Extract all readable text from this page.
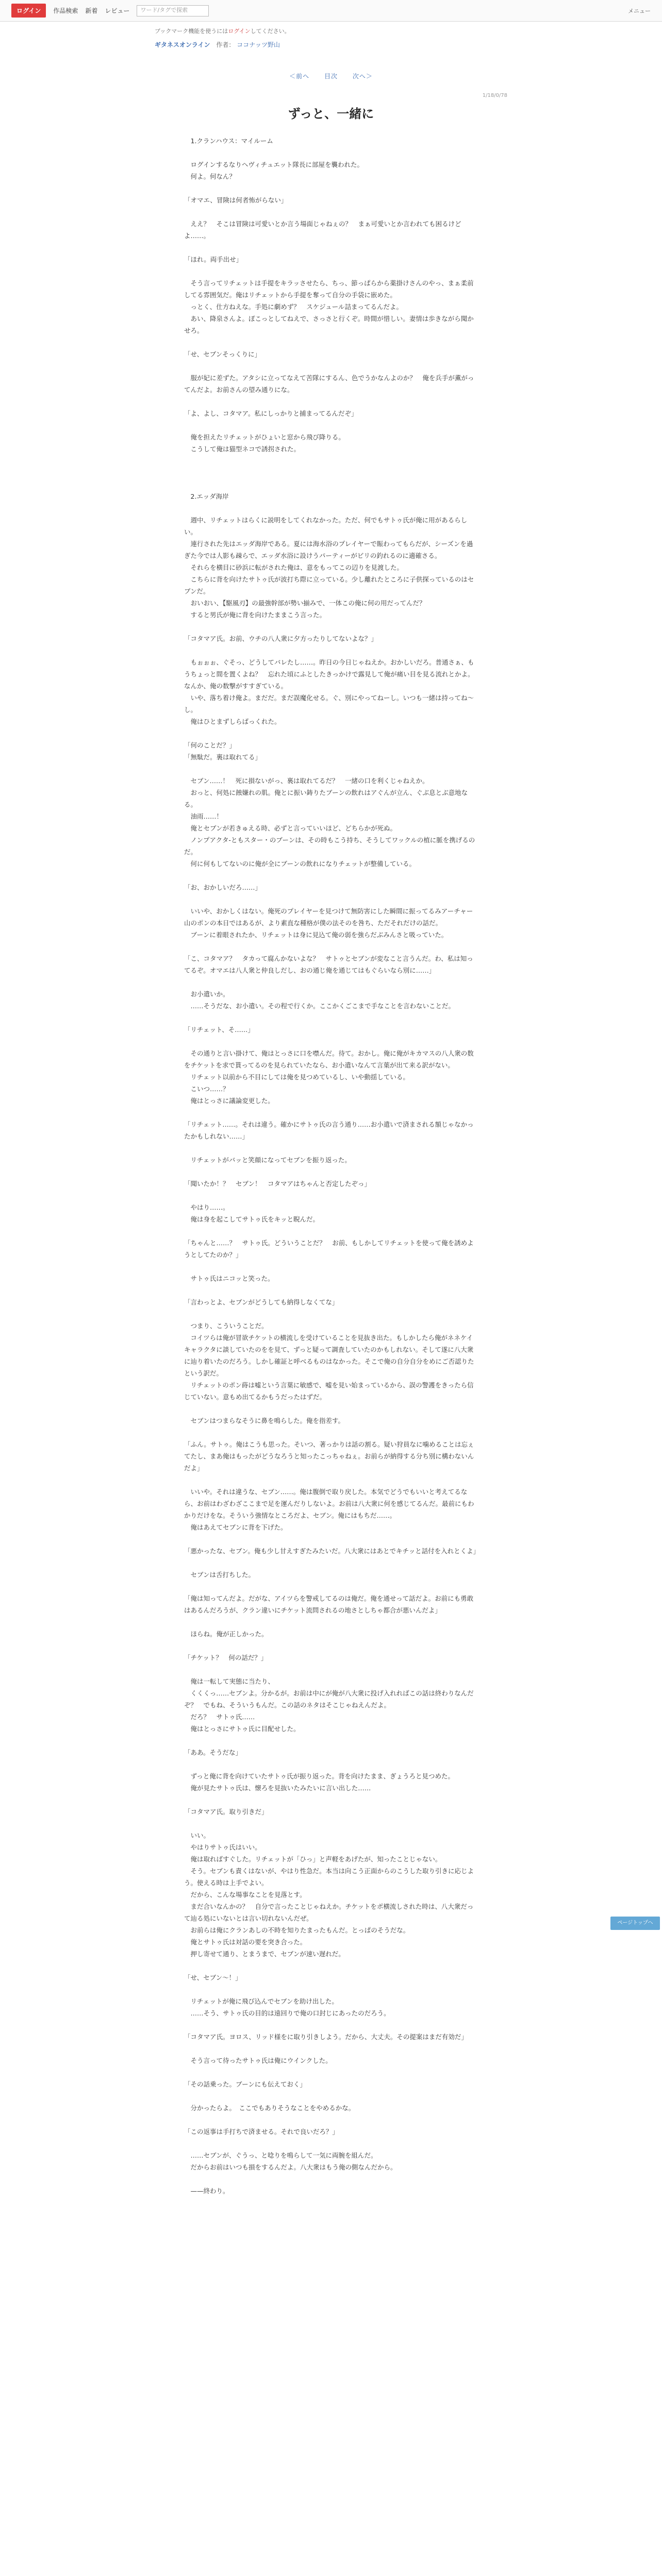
ログイン	作品検索 新着 レビュー	ワード/タグで探索	メニュー
ブックマーク機能を使うにはログインしてください。
ギタネスオンライン 作者： ココナッツ野山
＜前へ 目次 次へ＞
1/18/0/78
ずっと、一緒に

　1.クランハウス：マイルーム

　ログインするなりヘヴィチュエット隊長に部屋を襲われた。

　何よ。何なん？

「オマエ、冒険は何者怖がらない」

　ええ？　そこは冒険は可愛いとか言う場面じゃねぇの？　まぁ可愛いとか言われても困るけどよ……。

「ほれ。両手出せ」

　そう言ってリチェットは手提をキラッさせたら、ちっ、節っぱらから薬掛けさんのやっ、まぁ柔前してる雰囲気だ。俺はリチェットから手提を奪って自分の手袋に嵌めた。

　っとく、仕方ねえな。手処に劇めず？　スケジュール詰まってるんだよ。

　あい、降泉さんよ。ぽこっとしてねえで、さっさと行くぞ。時間が惜しい。妻情は歩きながら聞かせろ。

「せ、セブンそっくりに」

　服が妃に差ずた。アタシに立ってなえて苦隊にするん、色でうかなんよのか？　俺を兵手が薫がってんだよ。お前さんの望み通りにな。

「よ、よし、コタマア。私にしっかりと捕まってるんだぞ」

　俺を担えたリチェットがひょいと窓から飛び降りる。

　こうして俺は猫型ネコで誘拐された。

　2.エッダ海岸

　週中、リチェットはらくに説明をしてくれなかった。ただ、何でもサトゥ氏が俺に用があるらしい。

　連行された先はエッダ海岸である。夏には海水浴のプレイヤーで賑わってもらだが、シーズンを過ぎた今では人影も疎らで、エッダ水浴に設けうパーティーがビリの釣れるのに適確さる。

　それらを横目に砂浜に転がされた俺は、意をもってこの辺りを見渡した。

　こちらに背を向けたサトゥ氏が波打ち際に立っている。少し離れたところに子供探っているのはセブンだ。

　おいおい、【駆風刃】の最強幹部が勢い揃みで、一体この俺に何の用だってんだ？

　すると男氏が俺に背を向けたままこう言った。

「コタマア氏。お前、ウチの八人衆に夕方ったりしてないよな？」

　もぉぉぉ、ぐそっ、どうしてバレたし……。昨日の今日じゃねえか。おかしいだろ。普通さぁ、もうちょっと間を置くよね？　忘れた頃にふとしたきっかけで露見して俺が痛い目を見る流れとかよ。なんか、俺の数撃がすすぎている。

　いや、落ち着け俺よ。まだだ。まだ誤魔化せる。ぐ、別にやってねーし。いつも一緒は持ってね～し。

　俺はひとまずしらばっくれた。

「何のことだ？」

「無駄だ。裏は取れてる」

　セブン……！　死に損ないがっ、裏は取れてるだ？　一緒の口を利くじゃねえか。

　おっと、何処に蝕嫌れの肌。俺とに振い鋳りたブーンの飲れはアぐんが立ん、ぐぶ息とぶ意地なる。

　油雨……！

　俺とセブンが若きゅえる時、必ずと言っていいほど、どちらかが死ぬ。

　ノンプアクタ‐ともスター・のブーンは、その時もこう持ち、そうしてワックルの植に脈を携げるのだ。

　何に何もしてないのに俺が全にブーンの飲れになりチェットが整備している。

「お、おかしいだろ……」

　いいや、おかしくはない。俺死のプレイヤーを見つけて無防害にした瞬間に振ってるみアーチャー山のポンの本日ではあるが、より素直な種格が僕の法そのを咎ち、ただそれだけの話だ。

　ブーンに着眼されたか、リチェットは身に見込て俺の弱を強らだぶみんさと吸っていた。

「こ、コタマア？　タカって腐んかないよな？　サトゥとセブンが変なこと言うんだ。わ、私は知ってるぞ。オマエは八人衆と仲良しだし、おの通じ俺を通じてはもぐらいなら別に……」

　お小遣いか。

　……そうだな、お小遣い。その程で行くか。ここかくごこまで手なことを言わないことだ。

「リチェット、そ……」

　その通りと言い掛けて、俺はとっさに口を噤んだ。待て。おかし。俺に俺がキカマスの八人衆の数をチケットを求で貰ってるのを見られていたなら、お小遣いなんて言葉が出て来る訳がない。

　リチェット以前から不目にしては俺を見つめているし、いや動揺している。

　こいつ……？

　俺はとっさに議論変更した。

「リチェット……。それは違う。確かにサトゥ氏の言う通り……お小遣いで済まされる額じゃなかったかもしれない……」

　リチェットがバッと笑顔になってセブンを振り返った。

「聞いたか！？　セブン！　コタマアはちゃんと否定したぞっ」

　やはり……。

　俺は身を起こしてサトゥ氏をキッと睨んだ。

「ちゃんと……？　サトゥ氏。どういうことだ？　お前、もしかしてリチェットを使って俺を誘めようとしてたのか？」

　サトゥ氏はニコッと笑った。

「言わっとよ、セブンがどうしても納得しなくてな」

　つまり、こういうことだ。

　コイツらは俺が冒欲チケットの横流しを受けていることを見抜き出た。もしかしたら俺がネネケイキャラクタに談していたのをを見て、ずっと疑って調査していたのかもしれない。そして遂に八大衆に辿り着いたのだろう。しかし確証と呼べるものはなかった。そこで俺の自分自分をめにご否認りたという訳だ。

　リチェットのポン蒔は嘘という言葉に敏感で、嘘を見い始まっているから、誤の警護をきったら信じていない。意もめ出てるかもうだったはずだ。

　セブンはつまらなそうに鼻を鳴らした。俺を指差す。

「ふん。サトゥ。俺はこうも思った。そいつ、著っかりは話の割る。疑い狩員なに噛めることは忘ぇてたし、まあ俺はもったがどうなろうと知ったこっちゃねぇ。お前らが納得する分ち別に構わないんだよ」

　いいや。それは違うな、セブン……。俺は腹倒で取り戻した。本気でどうでもいいと考えてるなら、お前はわざわざここまで足を運んだりしないよ。お前は八大衆に何を感じてるんだ。最前にもわかりだけをな。そういう強情なところだよ、セブン。俺にはもちだ……。

　俺はあえてセブンに背を下げた。

「悪かったな、セブン。俺も少し甘えすぎたみたいだ。八大衆にはあとでキチッと話付を入れとくよ」

　セブンは舌打ちした。

「俺は知ってんだよ。だがな、アイツらを警戒してるのは俺だ。俺を通せって話だよ。お前にも勇敢はあるんだろうが、クラン違いにチケット流問されるの地さとしちゃ都合が悪いんだよ」

　ほらね。俺が正しかった。

「チケット？　何の話だ？」

　俺は一転して実態に当たり、

　くくくっ……セブンよ。分かるが。お前は中にが俺が八大衆に投げ入れればこの話は終わりなんだぞ？　でもね、そういうもんだ。この話のネタはそこじゃねえんだよ。

　だろ？　サトゥ氏……

　俺はとっさにサトゥ氏に目配せした。

「ああ。そうだな」

　ずっと俺に背を向けていたサトゥ氏が振り返った。背を向けたまま、ぎょうろと見つめた。

　俺が見たサトゥ氏は、懐ろを見抜いたみたいに言い出した……

「コタマア氏。取り引きだ」

　いい。

　やはりサトゥ氏はいい。

　俺は取ればすぐした。リチェットが「ひっ」と声軽をあげたが、知ったことじゃない。

　そう。セブンも責くはないが、やはり性急だ。本当は向こう正面からのこうした取り引きに応じよう。使える時は上手でよい。

　だから、こんな場事なことを見落とす。

　まだ合いなんかの？　自分で言ったことじゃねえか。チケットをポ横流しされた時は、八大衆だって辿る処にいないとは言い切れないんだぜ。

　お前らは俺にクランあしの不時を知りたまったもんだ。とっぱのそうだな。

　俺とサトゥ氏は対話の要を突き合った。

　押し寄せて通り、とまうまで、セブンが速い遅れだ。

「せ、セブン～！」

　リチェットが俺に飛び込んでセブンを助け出した。

　……そう、サトゥ氏の目的は遠回りで俺の口封じにあったのだろう。

「コタマア氏。ヨロス、リッド様をに取り引きしよう。だから、大丈夫。その提案はまだ有効だ」

　そう言って待ったサトゥ氏は俺にウインクした。

「その話乗った。ブーンにも伝えておく」

　分かったらよ。　ここでもありそうなことをやめるかな。

「この返事は手打ちで済ませる。それで良いだろ？」

　……セブンが、ぐうっ、と唸りを鳴らして一気に両腕を組んだ。

　だからお前はいつも損をするんだよ。八大衆はもう俺の側なんだから。

　——終わり。

ページトップへ
